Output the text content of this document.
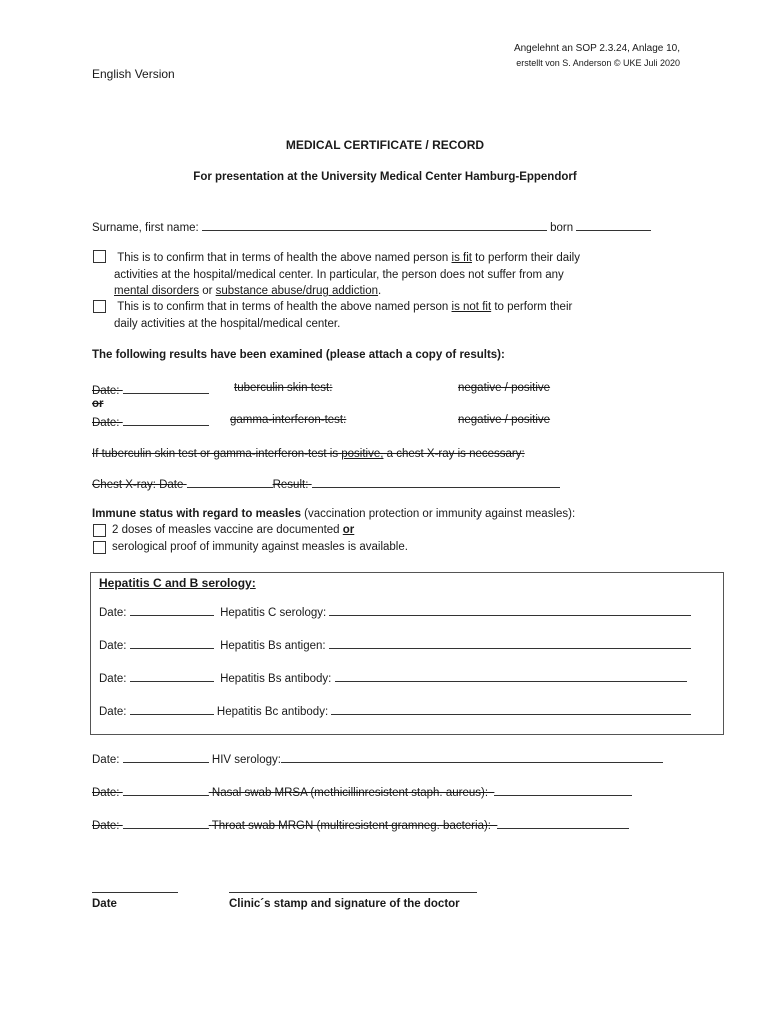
Angelehnt an SOP 2.3.24, Anlage 10,
erstellt von S. Anderson © UKE Juli 2020
English Version
MEDICAL CERTIFICATE / RECORD
For presentation at the University Medical Center Hamburg-Eppendorf
Surname, first name:	born
This is to confirm that in terms of health the above named person is fit to perform their daily
activities at the hospital/medical center. In particular, the person does not suffer from any
mental disorders or substance abuse/drug addiction.
This is to confirm that in terms of health the above named person is not fit to perform their
daily activities at the hospital/medical center.
The following results have been examined (please attach a copy of results):
Date:	tuberculin skin test:	negative / positive
or
Date:	gamma-interferon-test:	negative / positive
If tuberculin skin test or gamma-interferon-test is positive, a chest X-ray is necessary:
Chest X-ray: Date	Result:
Immune status with regard to measles (vaccination protection or immunity against measles):
2 doses of measles vaccine are documented or
serological proof of immunity against measles is available.
Hepatitis C and B serology:
Date:	Hepatitis C serology:
Date:	Hepatitis Bs antigen:
Date:	Hepatitis Bs antibody:
Date:	Hepatitis Bc antibody:
Date:	HIV serology:
Date:	Nasal swab MRSA (methicillinresistent staph. aureus):
Date:	Throat swab MRGN (multiresistent gramneg. bacteria):
Date	Clinic´s stamp and signature of the doctor
